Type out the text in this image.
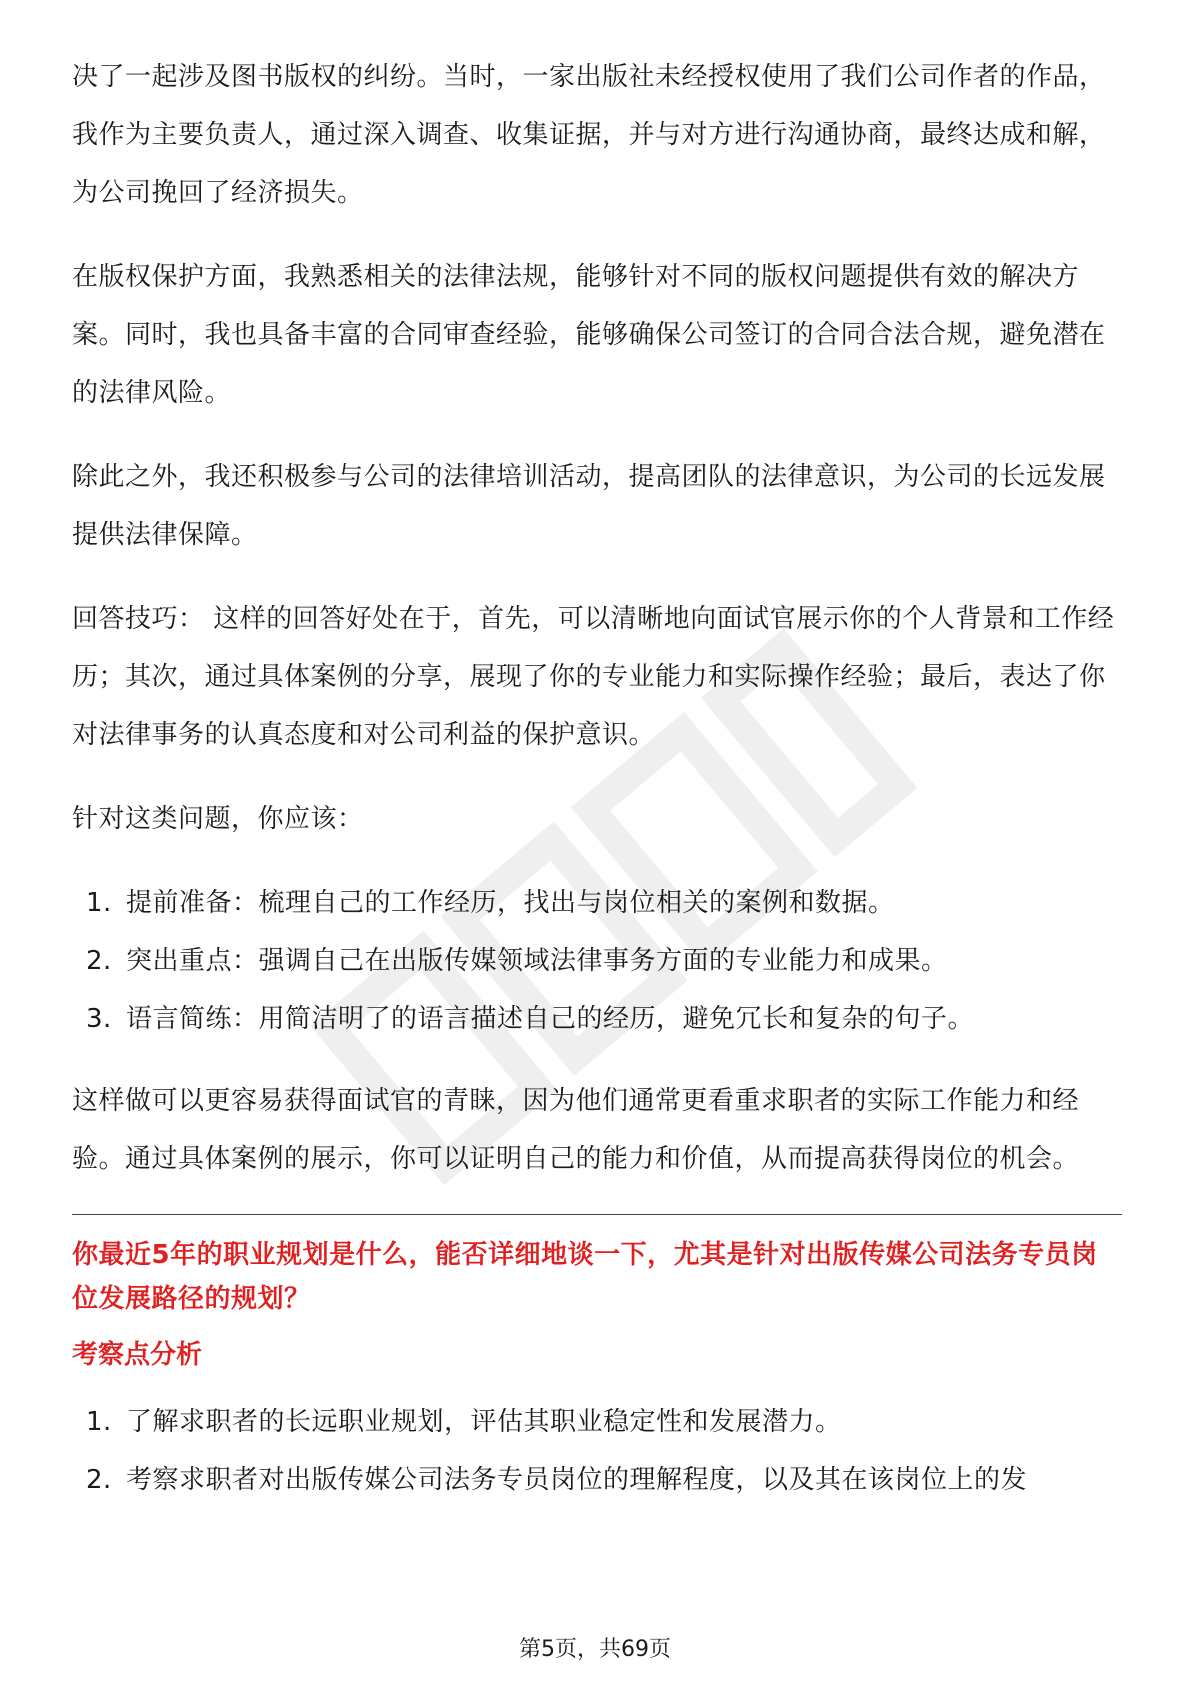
决了一起涉及图书版权的纠纷。当时，一家出版社未经授权使用了我们公司作者的作品，我作为主要负责人，通过深入调查、收集证据，并与对方进行沟通协商，最终达成和解，为公司挽回了经济损失。

在版权保护方面，我熟悉相关的法律法规，能够针对不同的版权问题提供有效的解决方案。同时，我也具备丰富的合同审查经验，能够确保公司签订的合同合法合规，避免潜在的法律风险。

除此之外，我还积极参与公司的法律培训活动，提高团队的法律意识，为公司的长远发展提供法律保障。

回答技巧： 这样的回答好处在于，首先，可以清晰地向面试官展示你的个人背景和工作经历；其次，通过具体案例的分享，展现了你的专业能力和实际操作经验；最后，表达了你对法律事务的认真态度和对公司利益的保护意识。

针对这类问题，你应该：

1. 提前准备：梳理自己的工作经历，找出与岗位相关的案例和数据。
2. 突出重点：强调自己在出版传媒领域法律事务方面的专业能力和成果。
3. 语言简练：用简洁明了的语言描述自己的经历，避免冗长和复杂的句子。

这样做可以更容易获得面试官的青睐，因为他们通常更看重求职者的实际工作能力和经验。通过具体案例的展示，你可以证明自己的能力和价值，从而提高获得岗位的机会。

你最近5年的职业规划是什么，能否详细地谈一下，尤其是针对出版传媒公司法务专员岗位发展路径的规划？

考察点分析

1. 了解求职者的长远职业规划，评估其职业稳定性和发展潜力。
2. 考察求职者对出版传媒公司法务专员岗位的理解程度，以及其在该岗位上的发
第5页，共69页
